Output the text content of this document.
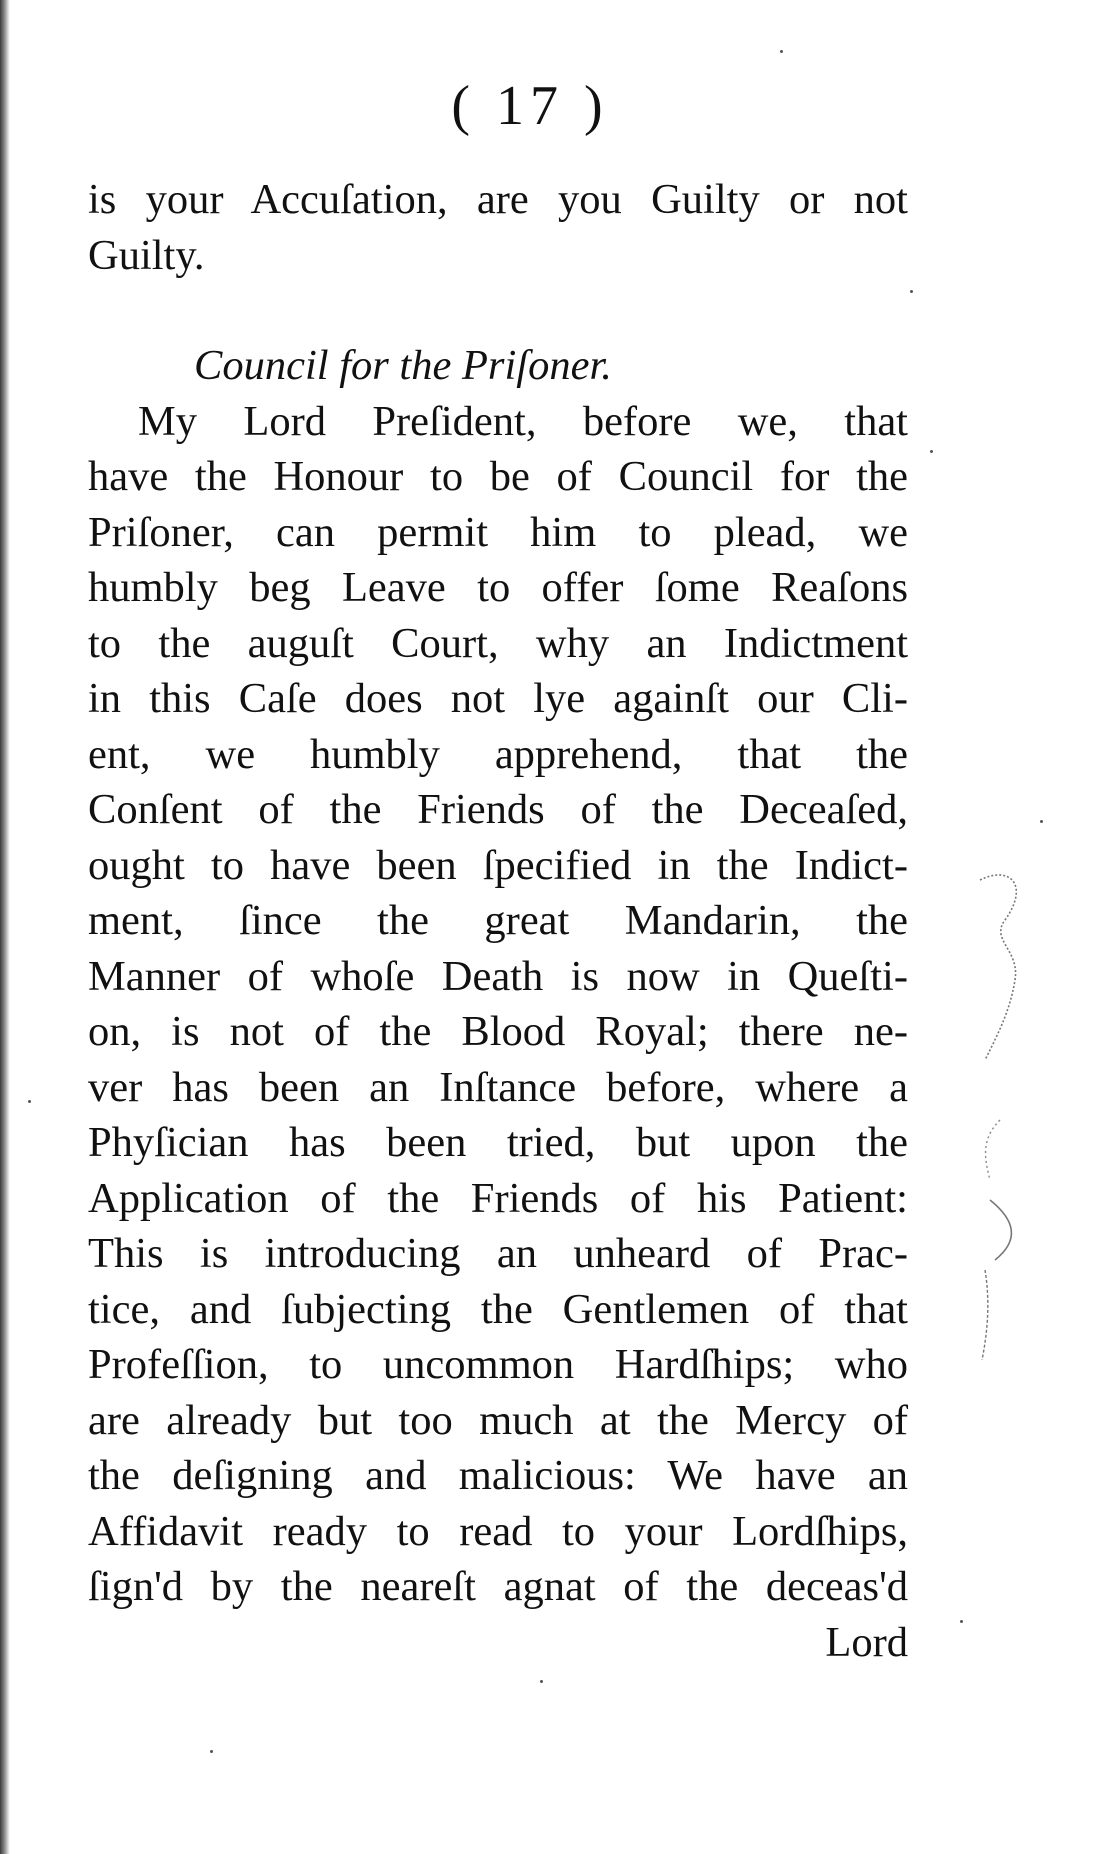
( 17 )
is your Accuſation, are you Guilty or not
Guilty.
Council for the Priſoner.
My Lord Preſident, before we, that
have the Honour to be of Council for the
Priſoner, can permit him to plead, we
humbly beg Leave to offer ſome Reaſons
to the auguſt Court, why an Indictment
in this Caſe does not lye againſt our Cli-
ent, we humbly apprehend, that the
Conſent of the Friends of the Deceaſed,
ought to have been ſpecified in the Indict-
ment, ſince the great Mandarin, the
Manner of whoſe Death is now in Queſti-
on, is not of the Blood Royal; there ne-
ver has been an Inſtance before, where a
Phyſician has been tried, but upon the
Application of the Friends of his Patient:
This is introducing an unheard of Prac-
tice, and ſubjecting the Gentlemen of that
Profeſſion, to uncommon Hardſhips; who
are already but too much at the Mercy of
the deſigning and malicious: We have an
Affidavit ready to read to your Lordſhips,
ſign'd by the neareſt agnat of the deceas'd
Lord
